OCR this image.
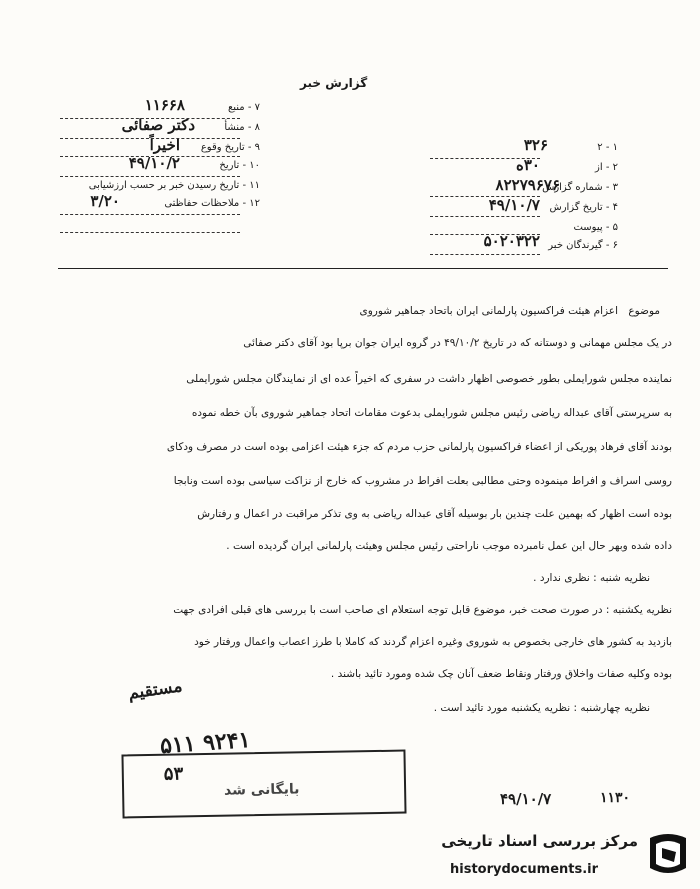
گزارش خبر
۱ - ۲
۳۲۶
۲ - از
۳۰ه
۳ - شماره گزارش
۸۲۲۷۹۶۷۶
۴ - تاریخ گزارش
۴۹/۱۰/۷
۵ - پیوست
۶ - گیرندگان خبر
۵۰۲۰۳۲۲
۷ - منبع
۱۱۶۶۸
۸ - منشأ
دکتر صفائی
۹ - تاریخ وقوع
اخیراً
۱۰ - تاریخ
۴۹/۱۰/۲
۱۱ - تاریخ رسیدن خبر بر حسب ارزشیابی
۱۲ - ملاحظات حفاظتی
۳/۲۰
موضوع
اعزام هیئت فراکسیون پارلمانی ایران باتحاد جماهیر شوروی
در یک مجلس مهمانی و دوستانه که در تاریخ ۴۹/۱۰/۲ در گروه ایران جوان برپا بود آقای دکتر صفائی
نماینده مجلس شورایملی بطور خصوصی اظهار داشت در سفری که اخیراً عده ای از نمایندگان مجلس شورایملی
به سرپرستی آقای عبداله ریاضی رئیس مجلس شورایملی بدعوت مقامات اتحاد جماهیر شوروی بآن خطه نموده
بودند آقای فرهاد پوریکی از اعضاء فراکسیون پارلمانی حزب مردم که جزء هیئت اعزامی بوده است در مصرف ودکای
روسی اسراف و افراط مینموده وحتی مطالبی بعلت افراط در مشروب که خارج از نزاکت سیاسی بوده است ونابجا
بوده است اظهار که بهمین علت چندین بار بوسیله آقای عبداله ریاضی به وی تذکر مراقبت در اعمال و رفتارش
داده شده وبهر حال این عمل نامبرده موجب ناراحتی رئیس مجلس وهیئت پارلمانی ایران گردیده است .
نظریه شنبه : نظری ندارد .
نظریه یکشنبه : در صورت صحت خبر، موضوع قابل توجه استعلام ای صاحب است با بررسی های قبلی افرادی جهت
بازدید به کشور های خارجی بخصوص به شوروی وغیره اعزام گردند که کاملا با طرز اعصاب واعمال ورفتار خود
بوده وکلیه صفات واخلاق ورفتار ونقاط ضعف آنان چک شده ومورد تائید باشند .
نظریه چهارشنبه : نظریه یکشنبه مورد تائید است .
مستقیم
۹۲۴۱ ۵۱۱
۴۹/۱۰/۷	۱۱۳۰
۵۳
بایگانی شد
مرکز بررسی اسناد تاریخی
historydocuments.ir
